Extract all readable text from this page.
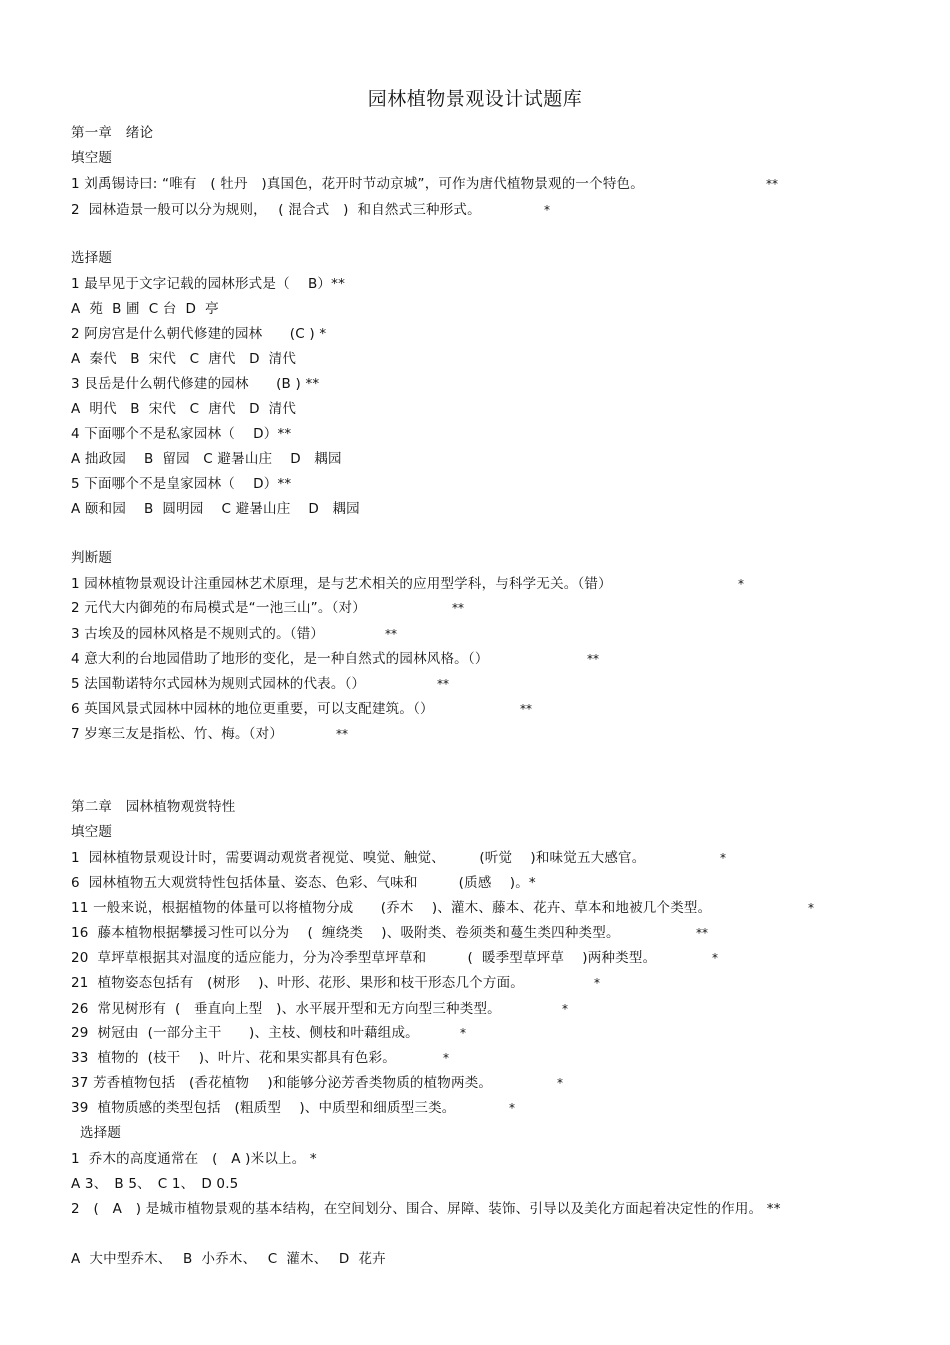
园林植物景观设计试题库
第一章　绪论
填空题
1 刘禹锡诗曰: “唯有　( 牡丹　)真国色，花开时节动京城”，可作为唐代植物景观的一个特色。	**
2  园林造景一般可以分为规则，　 ( 混合式　)  和自然式三种形式。	*
选择题
1 最早见于文字记载的园林形式是（　 B）**
A  苑  B 圃  C 台  D  亭
2 阿房宫是什么朝代修建的园林　　(C ) *
A  秦代   B  宋代   C  唐代   D  清代
3 艮岳是什么朝代修建的园林　　(B ) **
A  明代   B  宋代   C  唐代   D  清代
4 下面哪个不是私家园林（　 D）**
A 拙政园    B  留园   C 避暑山庄    D   耦园
5 下面哪个不是皇家园林（　 D）**
A 颐和园    B  圆明园    C 避暑山庄    D   耦园
判断题
1 园林植物景观设计注重园林艺术原理，是与艺术相关的应用型学科，与科学无关。（错）	*
2 元代大内御苑的布局模式是“一池三山”。（对）	**
3 古埃及的园林风格是不规则式的。（错）	**
4 意大利的台地园借助了地形的变化，是一种自然式的园林风格。（）	**
5 法国勒诺特尔式园林为规则式园林的代表。（）	**
6 英国风景式园林中园林的地位更重要，可以支配建筑。（）	**
7 岁寒三友是指松、竹、梅。（对）	**
第二章　园林植物观赏特性
填空题
1  园林植物景观设计时，需要调动观赏者视觉、嗅觉、触觉、　　　(听觉　 )和味觉五大感官。	*
6  园林植物五大观赏特性包括体量、姿态、色彩、气味和　　　(质感　 )。*
11 一般来说，根据植物的体量可以将植物分成　　(乔木　 )、灌木、藤本、花卉、草本和地被几个类型。	*
16  藤本植物根据攀援习性可以分为　 (  缠绕类　 )、吸附类、卷须类和蔓生类四种类型。	**
20  草坪草根据其对温度的适应能力，分为冷季型草坪草和　　　(  暖季型草坪草　 )两种类型。	*
21  植物姿态包括有　(树形　 )、叶形、花形、果形和枝干形态几个方面。	*
26  常见树形有  (   垂直向上型　)、水平展开型和无方向型三种类型。	*
29  树冠由  (一部分主干　　)、主枝、侧枝和叶藉组成。	*
33  植物的  (枝干　 )、叶片、花和果实都具有色彩。	*
37 芳香植物包括　(香花植物　 )和能够分泌芳香类物质的植物两类。	*
39  植物质感的类型包括　(粗质型　 )、中质型和细质型三类。	*
选择题
1  乔木的高度通常在　(　A )米以上。 *
A 3、　B 5、　C 1、　D 0.5
2　(　A　) 是城市植物景观的基本结构，在空间划分、围合、屏障、装饰、引导以及美化方面起着决定性的作用。 **
A  大中型乔木、　 B  小乔木、　 C  灌木、　 D  花卉
